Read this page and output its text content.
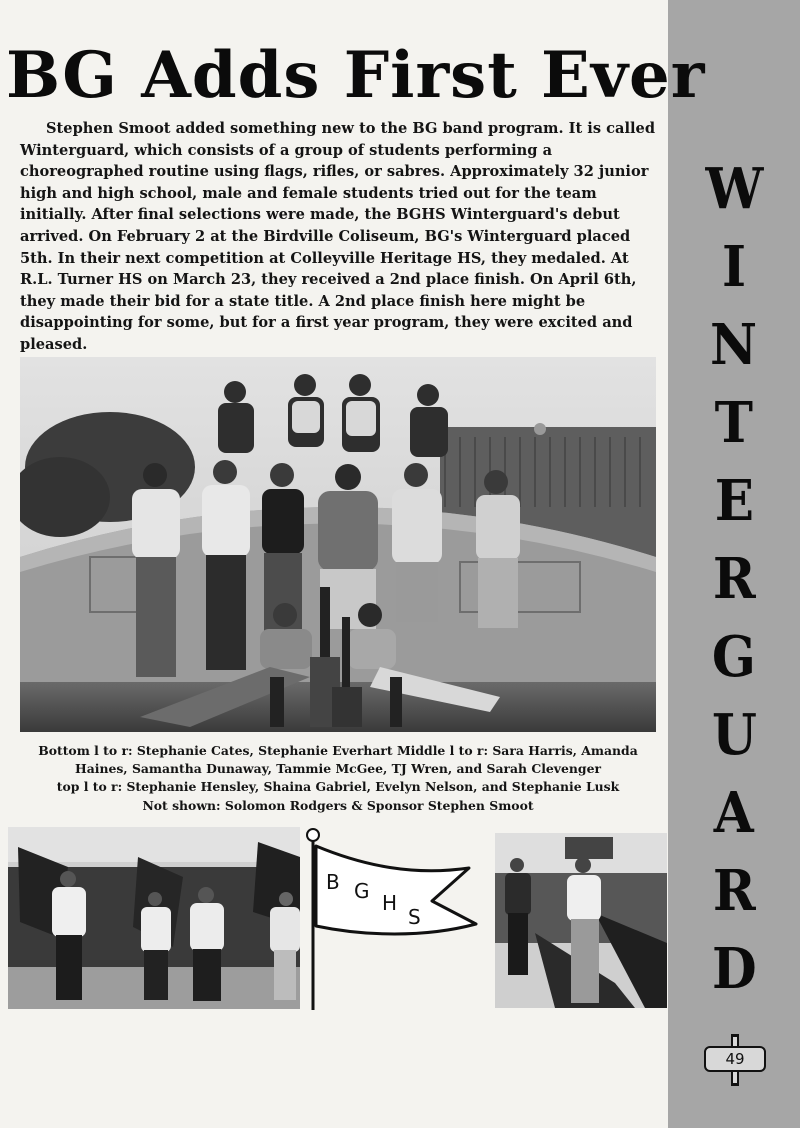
W
I
N
T
E
R
G
U
A
R
D
BG Adds First Ever

Stephen Smoot added something new to the BG band program. It is called Winterguard, which consists of a group of students performing a choreographed routine using flags, rifles, or sabres. Approximately 32 junior high and high school, male and female students tried out for the team initially. After final selections were made, the BGHS Winterguard's debut arrived. On February 2 at the Birdville Coliseum, BG's Winterguard placed 5th. In their next competition at Colleyville Heritage HS, they medaled. At R.L. Turner HS on March 23, they received a 2nd place finish. On April 6th, they made their bid for a state title. A 2nd place finish here might be disappointing for some, but for a first year program, they were excited and pleased.

Bottom l to r: Stephanie Cates, Stephanie Everhart Middle l to r: Sara Harris, Amanda
Haines, Samantha Dunaway, Tammie McGee, TJ Wren, and Sarah Clevenger
top l to r: Stephanie Hensley, Shaina Gabriel, Evelyn Nelson, and Stephanie Lusk
Not shown: Solomon Rodgers & Sponsor Stephen Smoot
B G H
S
49
